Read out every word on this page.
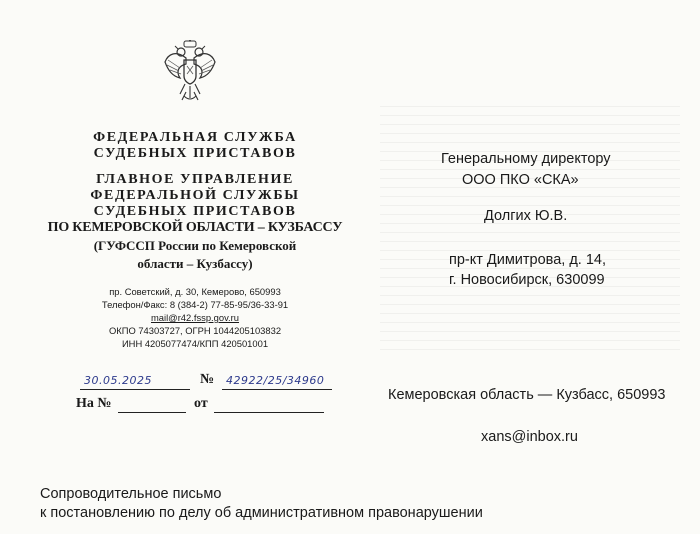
ФЕДЕРАЛЬНАЯ СЛУЖБА
СУДЕБНЫХ ПРИСТАВОВ
ГЛАВНОЕ УПРАВЛЕНИЕ
ФЕДЕРАЛЬНОЙ СЛУЖБЫ
СУДЕБНЫХ ПРИСТАВОВ
ПО КЕМЕРОВСКОЙ ОБЛАСТИ – КУЗБАССУ
(ГУФССП России по Кемеровской
области – Кузбассу)
пр. Советский, д. 30, Кемерово, 650993
Телефон/Факс: 8 (384-2) 77-85-95/36-33-91
mail@r42.fssp.gov.ru
ОКПО 74303727, ОГРН 1044205103832
ИНН 4205077474/КПП 420501001
30.05.2025	№ 42922/25/34960
На №	от
Генеральному директору
ООО ПКО «СКА»
Долгих Ю.В.
пр-кт Димитрова, д. 14,
г. Новосибирск, 630099
Кемеровская область — Кузбасс, 650993
xans@inbox.ru
Сопроводительное письмо
к постановлению по делу об административном правонарушении
